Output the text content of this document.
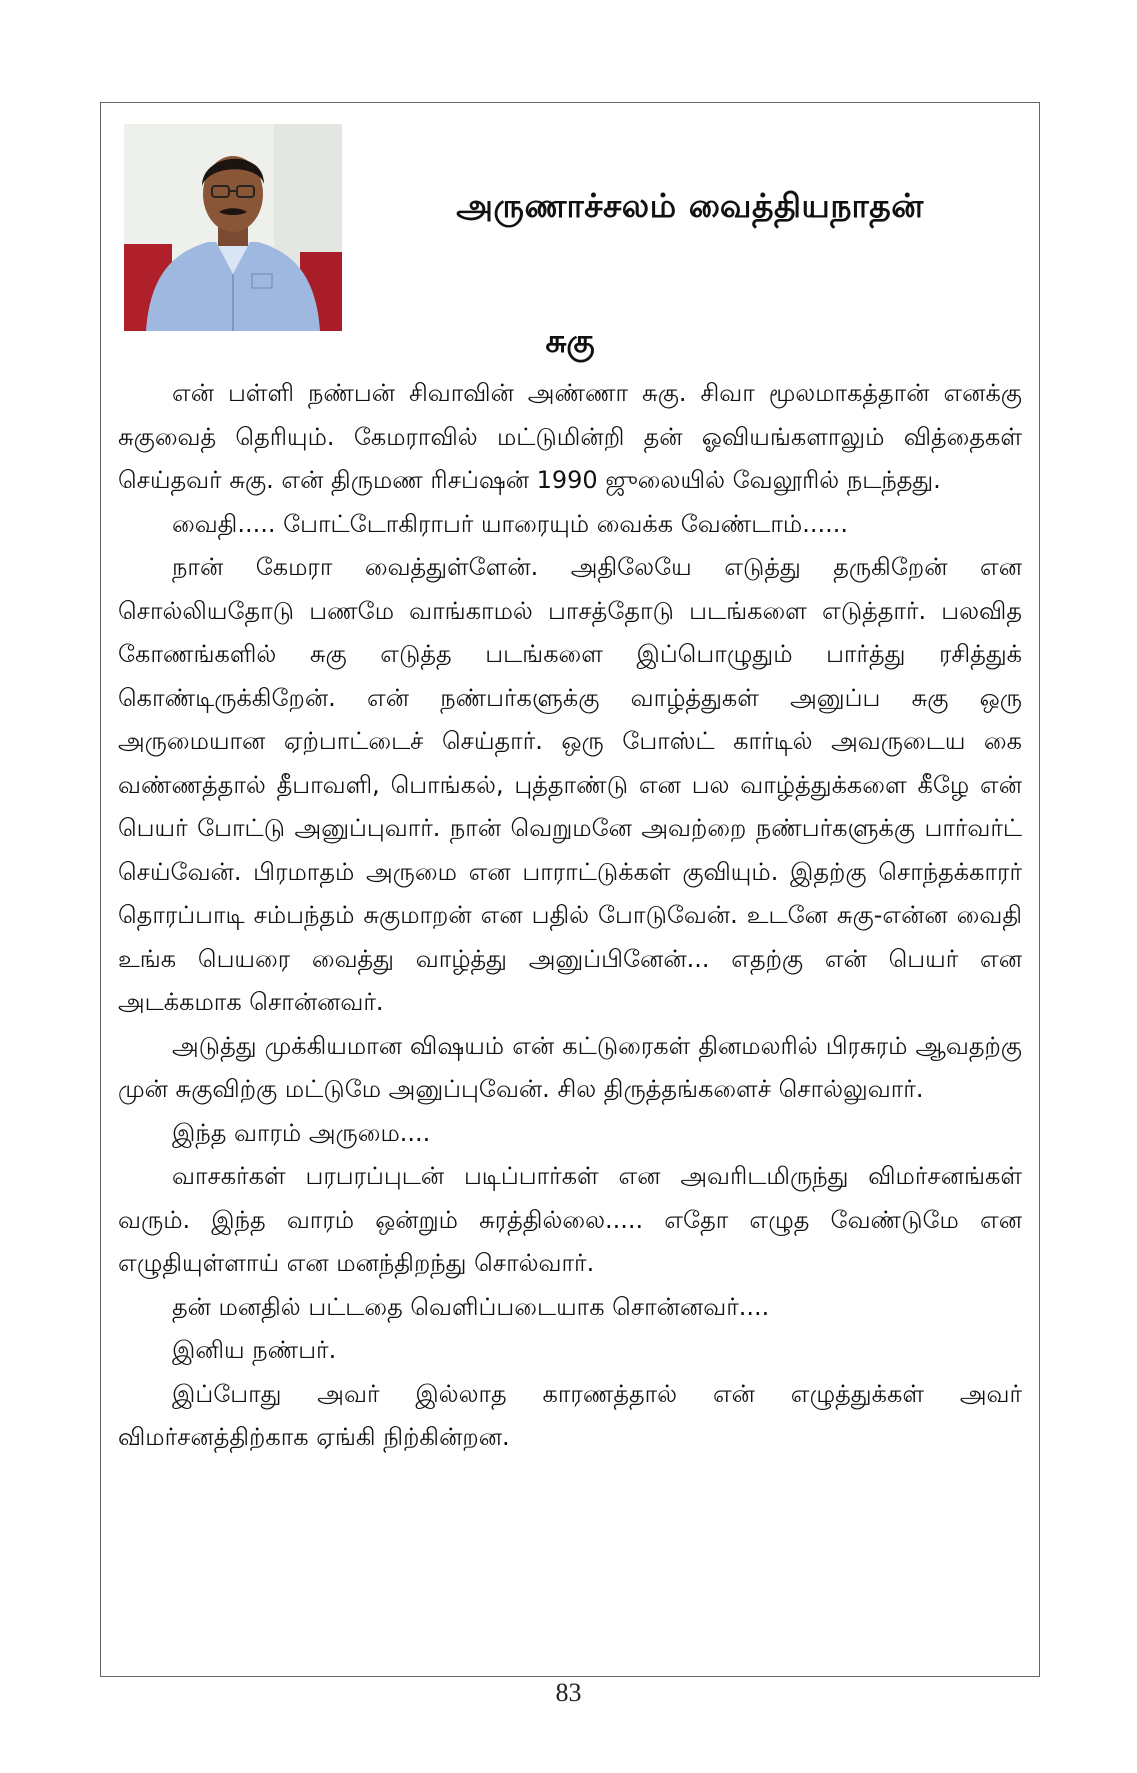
அருணாச்சலம் வைத்தியநாதன்
சுகு

என் பள்ளி நண்பன் சிவாவின் அண்ணா சுகு. சிவா மூலமாகத்தான் எனக்கு சுகுவைத் தெரியும். கேமராவில் மட்டுமின்றி தன் ஓவியங்களாலும் வித்தைகள் செய்தவர் சுகு. என் திருமண ரிசப்ஷன் 1990 ஜுலையில் வேலூரில் நடந்தது.

வைதி..... போட்டோகிராபர் யாரையும் வைக்க வேண்டாம்......

நான் கேமரா வைத்துள்ளேன். அதிலேயே எடுத்து தருகிறேன் என சொல்லியதோடு பணமே வாங்காமல் பாசத்தோடு படங்களை எடுத்தார். பலவித கோணங்களில் சுகு எடுத்த படங்களை இப்பொழுதும் பார்த்து ரசித்துக் கொண்டிருக்கிறேன். என் நண்பர்களுக்கு வாழ்த்துகள் அனுப்ப சுகு ஒரு அருமையான ஏற்பாட்டைச் செய்தார். ஒரு போஸ்ட் கார்டில் அவருடைய கை வண்ணத்தால் தீபாவளி, பொங்கல், புத்தாண்டு என பல வாழ்த்துக்களை கீழே என் பெயர் போட்டு அனுப்புவார். நான் வெறுமனே அவற்றை நண்பர்களுக்கு பார்வர்ட் செய்வேன். பிரமாதம் அருமை என பாராட்டுக்கள் குவியும். இதற்கு சொந்தக்காரர் தொரப்பாடி சம்பந்தம் சுகுமாறன் என பதில் போடுவேன். உடனே சுகு-என்ன வைதி உங்க பெயரை வைத்து வாழ்த்து அனுப்பினேன்... எதற்கு என் பெயர் என அடக்கமாக சொன்னவர்.

அடுத்து முக்கியமான விஷயம் என் கட்டுரைகள் தினமலரில் பிரசுரம் ஆவதற்கு முன் சுகுவிற்கு மட்டுமே அனுப்புவேன். சில திருத்தங்களைச் சொல்லுவார்.

இந்த வாரம் அருமை....

வாசகர்கள் பரபரப்புடன் படிப்பார்கள் என அவரிடமிருந்து விமர்சனங்கள் வரும். இந்த வாரம் ஒன்றும் சுரத்தில்லை..... எதோ எழுத வேண்டுமே என எழுதியுள்ளாய் என மனந்திறந்து சொல்வார்.

தன் மனதில் பட்டதை வெளிப்படையாக சொன்னவர்....

இனிய நண்பர்.

இப்போது அவர் இல்லாத காரணத்தால் என் எழுத்துக்கள் அவர் விமர்சனத்திற்காக ஏங்கி நிற்கின்றன.

83
